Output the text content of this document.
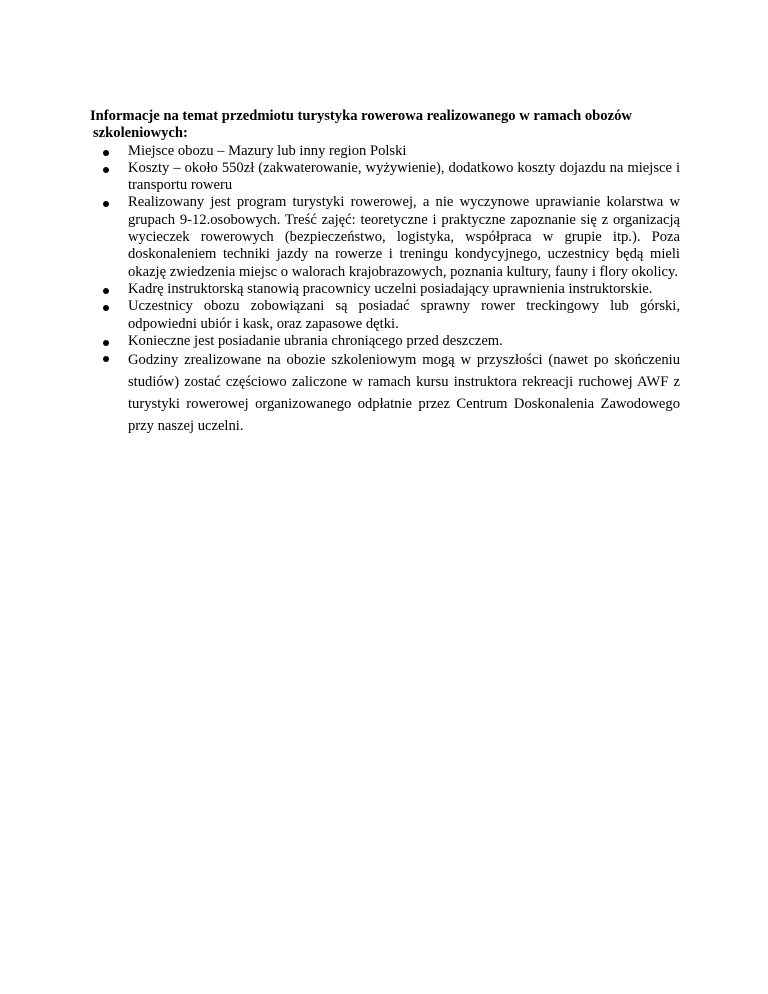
Informacje na temat przedmiotu turystyka rowerowa realizowanego w ramach obozów
szkoleniowych:

Miejsce obozu – Mazury lub inny region Polski
Koszty – około 550zł (zakwaterowanie, wyżywienie), dodatkowo koszty dojazdu na miejsce i transportu roweru
Realizowany jest program turystyki rowerowej, a nie wyczynowe uprawianie kolarstwa w grupach 9-12.osobowych. Treść zajęć: teoretyczne i praktyczne zapoznanie się z organizacją wycieczek rowerowych (bezpieczeństwo, logistyka, współpraca w grupie itp.). Poza doskonaleniem techniki jazdy na rowerze i treningu kondycyjnego, uczestnicy będą mieli okazję zwiedzenia miejsc o walorach krajobrazowych, poznania kultury, fauny i flory okolicy.
Kadrę instruktorską stanowią pracownicy uczelni posiadający uprawnienia instruktorskie.
Uczestnicy obozu zobowiązani są posiadać sprawny rower treckingowy lub górski, odpowiedni ubiór i kask, oraz zapasowe dętki.
Konieczne jest posiadanie ubrania chroniącego przed deszczem.
Godziny zrealizowane na obozie szkoleniowym mogą w przyszłości (nawet po skończeniu studiów) zostać częściowo zaliczone w ramach kursu instruktora rekreacji ruchowej AWF z turystyki rowerowej organizowanego odpłatnie przez Centrum Doskonalenia Zawodowego przy naszej uczelni.
